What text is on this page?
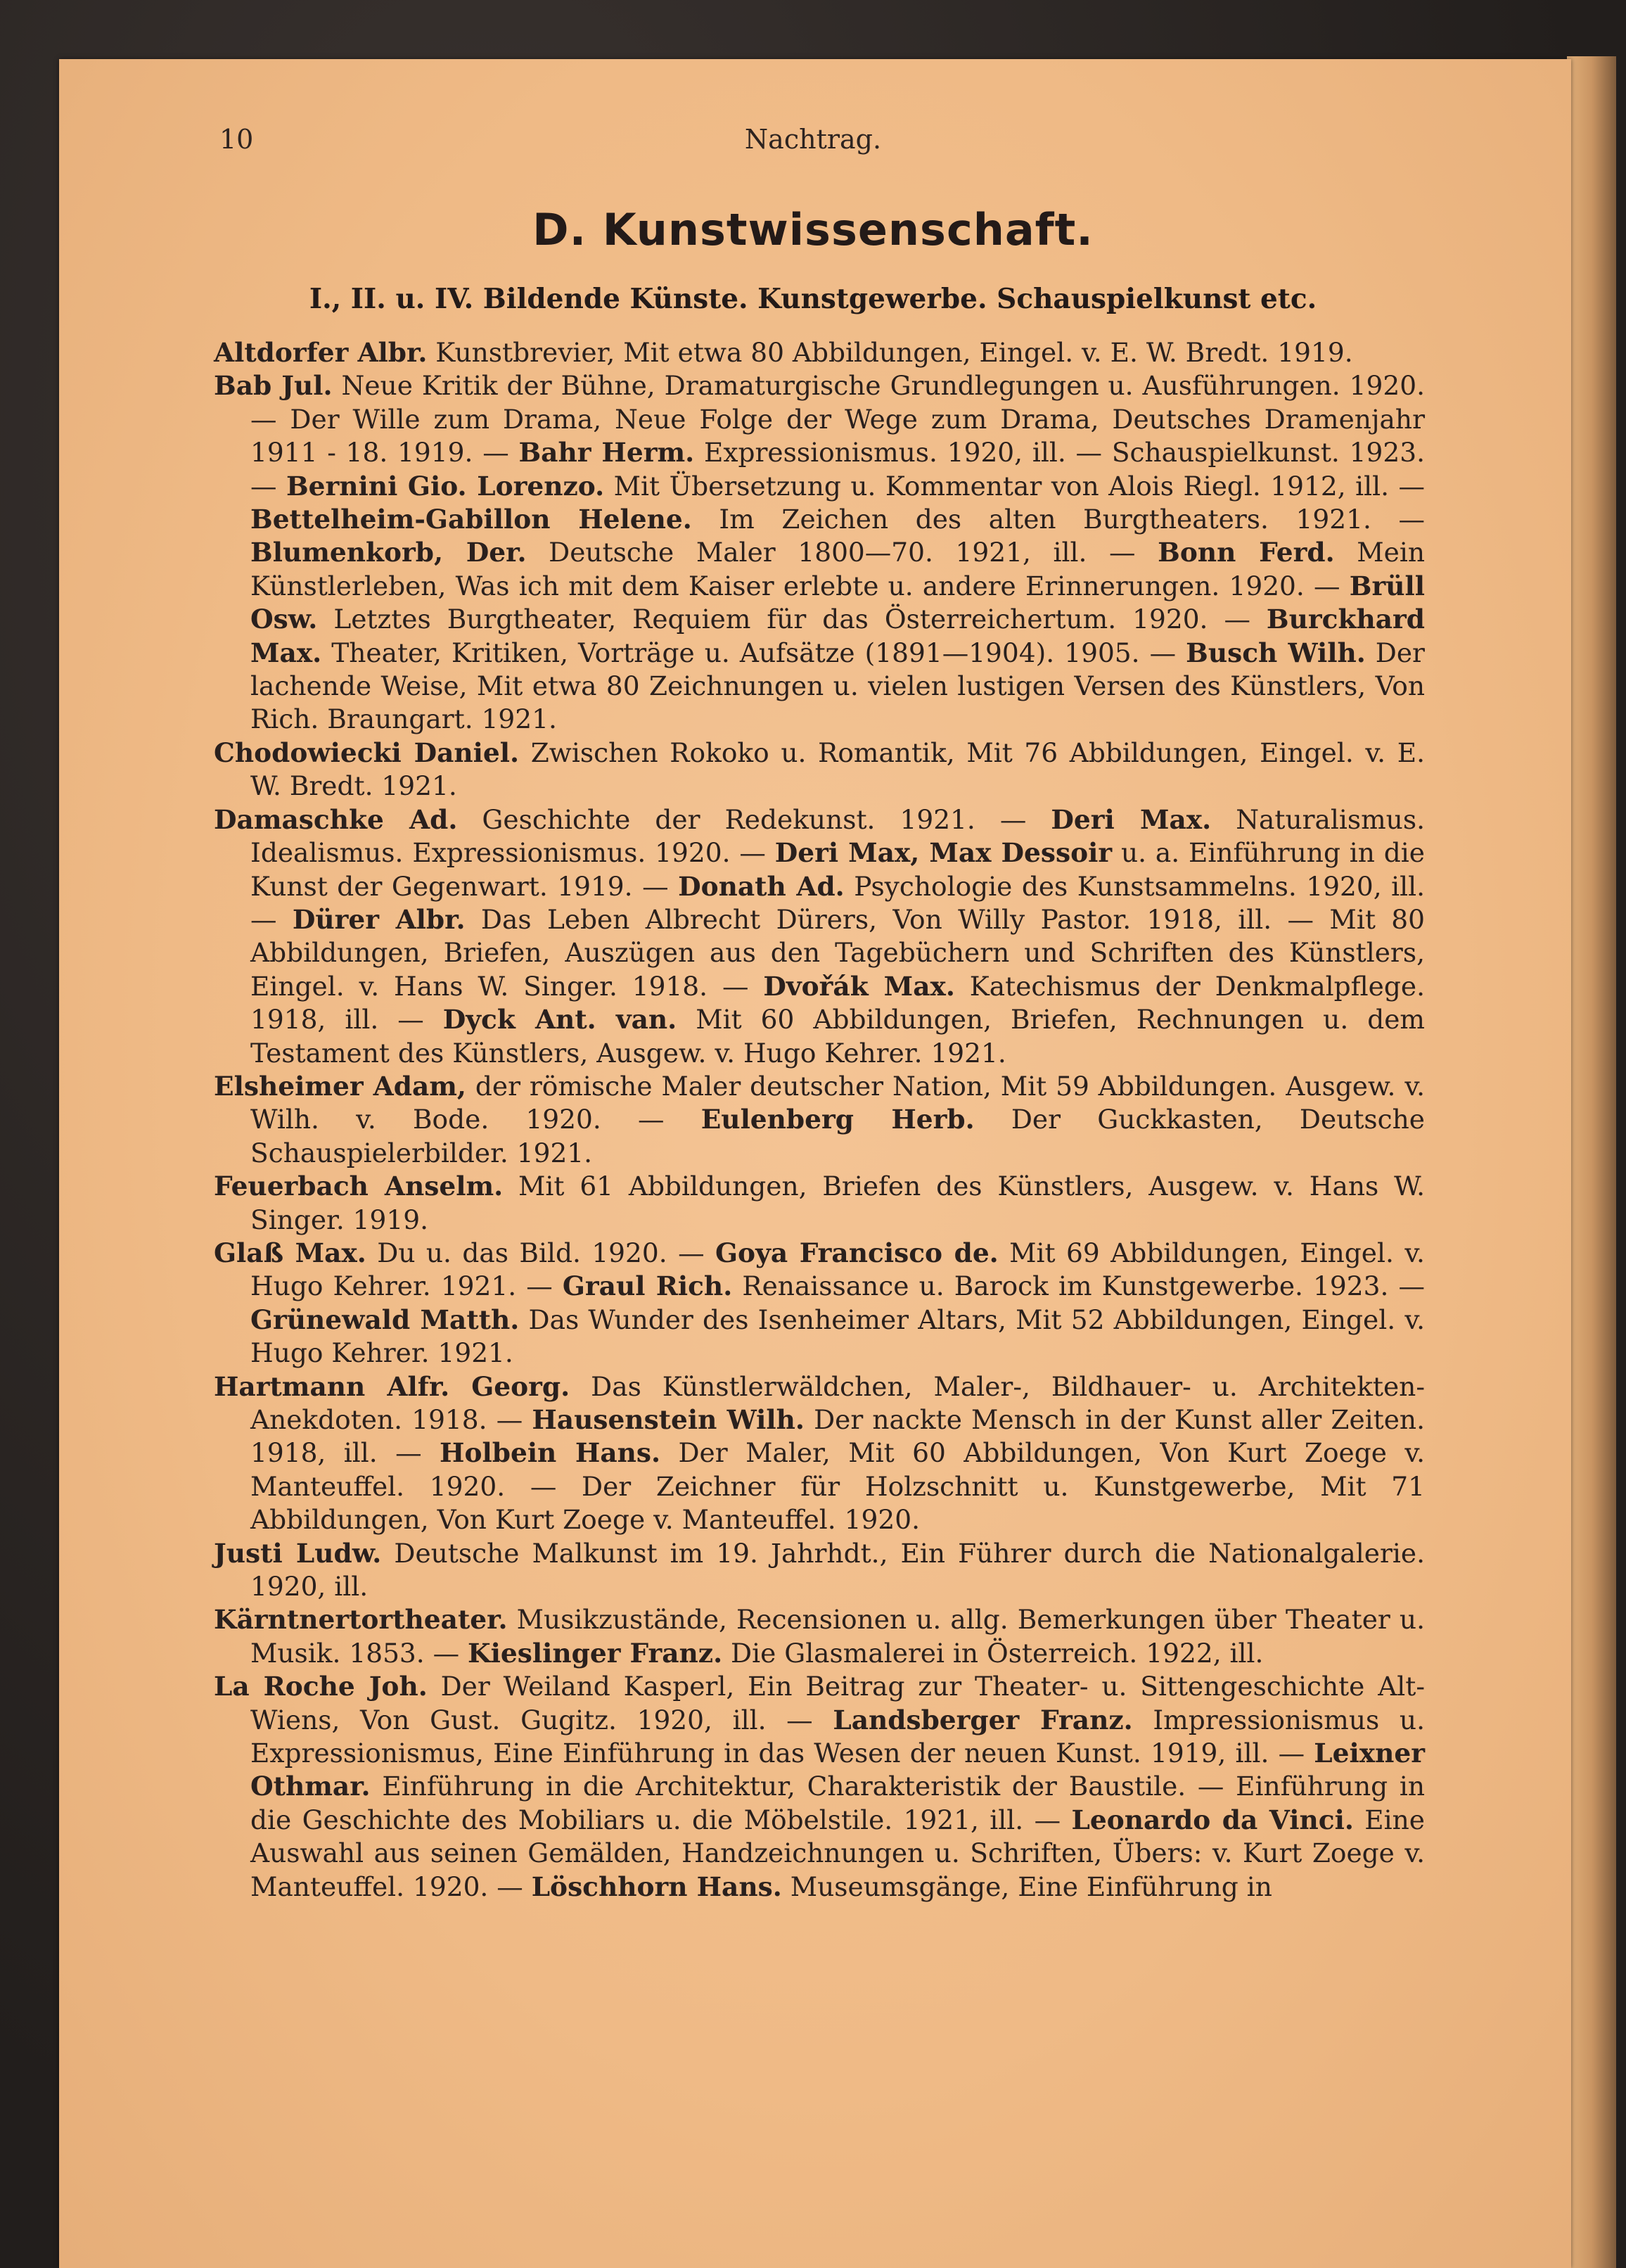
10	Nachtrag.
D. Kunstwissenschaft.
I., II. u. IV. Bildende Künste. Kunstgewerbe. Schauspielkunst etc.
Altdorfer Albr. Kunstbrevier, Mit etwa 80 Abbildungen, Eingel. v. E. W. Bredt. 1919.
Bab Jul. Neue Kritik der Bühne, Dramaturgische Grundlegungen u. Ausführungen. 1920. — Der Wille zum Drama, Neue Folge der Wege zum Drama, Deutsches Dramenjahr 1911 - 18. 1919. — Bahr Herm. Expressionismus. 1920, ill. — Schauspielkunst. 1923. — Bernini Gio. Lorenzo. Mit Übersetzung u. Kommentar von Alois Riegl. 1912, ill. — Bettelheim-Gabillon Helene. Im Zeichen des alten Burgtheaters. 1921. — Blumenkorb, Der. Deutsche Maler 1800—70. 1921, ill. — Bonn Ferd. Mein Künstlerleben, Was ich mit dem Kaiser erlebte u. andere Erinnerungen. 1920. — Brüll Osw. Letztes Burgtheater, Requiem für das Österreichertum. 1920. — Burckhard Max. Theater, Kritiken, Vorträge u. Aufsätze (1891—1904). 1905. — Busch Wilh. Der lachende Weise, Mit etwa 80 Zeichnungen u. vielen lustigen Versen des Künstlers, Von Rich. Braungart. 1921.
Chodowiecki Daniel. Zwischen Rokoko u. Romantik, Mit 76 Abbildungen, Eingel. v. E. W. Bredt. 1921.
Damaschke Ad. Geschichte der Redekunst. 1921. — Deri Max. Naturalismus. Idealismus. Expressionismus. 1920. — Deri Max, Max Dessoir u. a. Einführung in die Kunst der Gegenwart. 1919. — Donath Ad. Psychologie des Kunstsammelns. 1920, ill. — Dürer Albr. Das Leben Albrecht Dürers, Von Willy Pastor. 1918, ill. — Mit 80 Abbildungen, Briefen, Auszügen aus den Tagebüchern und Schriften des Künstlers, Eingel. v. Hans W. Singer. 1918. — Dvořák Max. Katechismus der Denkmalpflege. 1918, ill. — Dyck Ant. van. Mit 60 Abbildungen, Briefen, Rechnungen u. dem Testament des Künstlers, Ausgew. v. Hugo Kehrer. 1921.
Elsheimer Adam, der römische Maler deutscher Nation, Mit 59 Abbildungen. Ausgew. v. Wilh. v. Bode. 1920. — Eulenberg Herb. Der Guckkasten, Deutsche Schauspielerbilder. 1921.
Feuerbach Anselm. Mit 61 Abbildungen, Briefen des Künstlers, Ausgew. v. Hans W. Singer. 1919.
Glaß Max. Du u. das Bild. 1920. — Goya Francisco de. Mit 69 Abbildungen, Eingel. v. Hugo Kehrer. 1921. — Graul Rich. Renaissance u. Barock im Kunstgewerbe. 1923. — Grünewald Matth. Das Wunder des Isenheimer Altars, Mit 52 Abbildungen, Eingel. v. Hugo Kehrer. 1921.
Hartmann Alfr. Georg. Das Künstlerwäldchen, Maler-, Bildhauer- u. Architekten-Anekdoten. 1918. — Hausenstein Wilh. Der nackte Mensch in der Kunst aller Zeiten. 1918, ill. — Holbein Hans. Der Maler, Mit 60 Abbildungen, Von Kurt Zoege v. Manteuffel. 1920. — Der Zeichner für Holzschnitt u. Kunstgewerbe, Mit 71 Abbildungen, Von Kurt Zoege v. Manteuffel. 1920.
Justi Ludw. Deutsche Malkunst im 19. Jahrhdt., Ein Führer durch die Nationalgalerie. 1920, ill.
Kärntnertortheater. Musikzustände, Recensionen u. allg. Bemerkungen über Theater u. Musik. 1853. — Kieslinger Franz. Die Glasmalerei in Österreich. 1922, ill.
La Roche Joh. Der Weiland Kasperl, Ein Beitrag zur Theater- u. Sittengeschichte Alt-Wiens, Von Gust. Gugitz. 1920, ill. — Landsberger Franz. Impressionismus u. Expressionismus, Eine Einführung in das Wesen der neuen Kunst. 1919, ill. — Leixner Othmar. Einführung in die Architektur, Charakteristik der Baustile. — Einführung in die Geschichte des Mobiliars u. die Möbelstile. 1921, ill. — Leonardo da Vinci. Eine Auswahl aus seinen Gemälden, Handzeichnungen u. Schriften, Übers: v. Kurt Zoege v. Manteuffel. 1920. — Löschhorn Hans. Museumsgänge, Eine Einführung in
